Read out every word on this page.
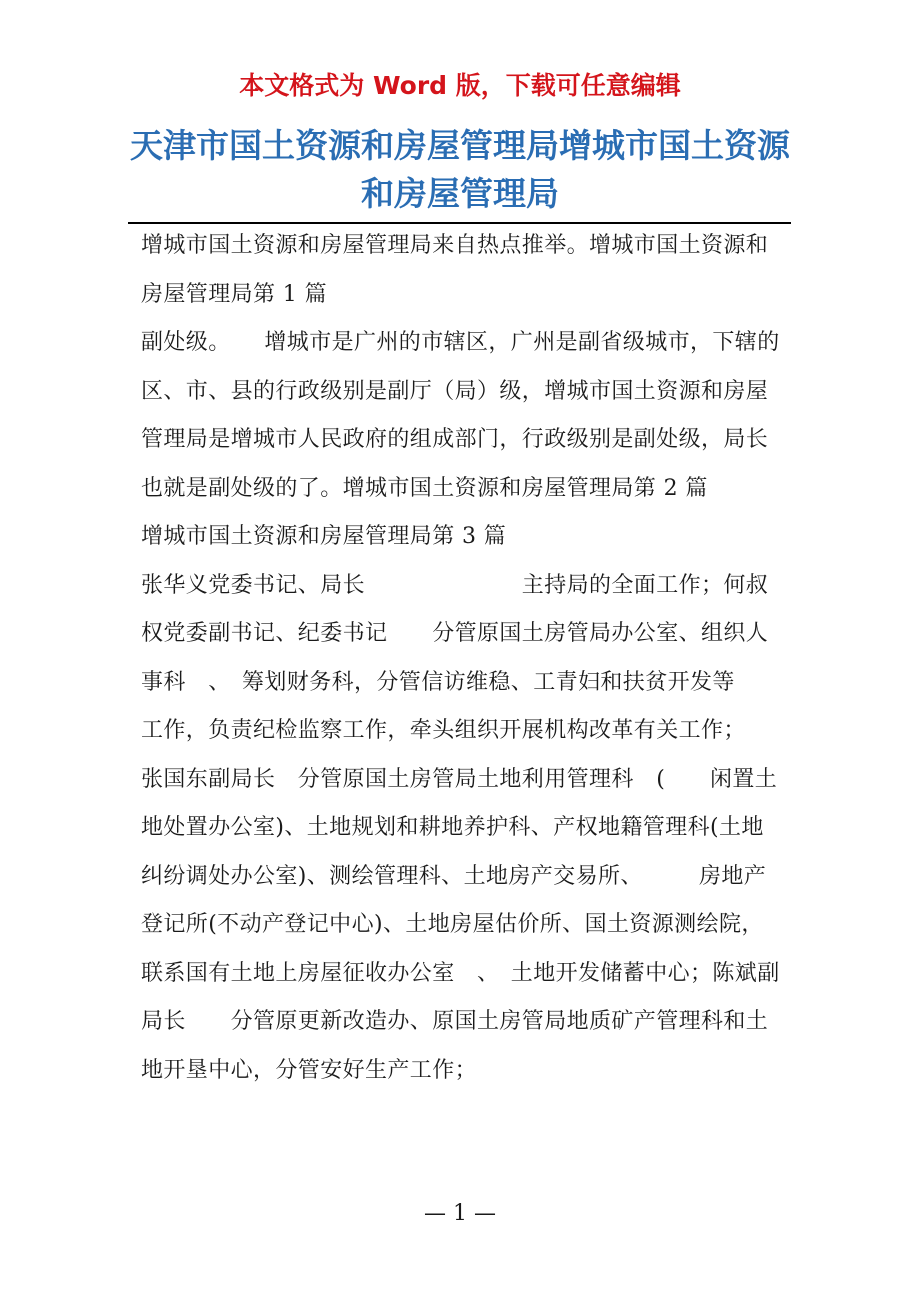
本文格式为 Word 版，下载可任意编辑
天津市国土资源和房屋管理局增城市国土资源和房屋管理局

增城市国土资源和房屋管理局来自热点推举。增城市国土资源和房屋管理局第 1 篇

副处级。　　增城市是广州的市辖区，广州是副省级城市，下辖的区、市、县的行政级别是副厅（局）级，增城市国土资源和房屋管理局是增城市人民政府的组成部门，行政级别是副处级，局长也就是副处级的了。增城市国土资源和房屋管理局第 2 篇

增城市国土资源和房屋管理局第 3 篇

张华义党委书记、局长　　　　　　　主持局的全面工作；何叔权党委副书记、纪委书记　　分管原国土房管局办公室、组织人事科　、　筹划财务科，分管信访维稳、工青妇和扶贫开发等　　　工作，负责纪检监察工作，牵头组织开展机构改革有关工作；　　　　　　　　张国东副局长　分管原国土房管局土地利用管理科　(　　闲置土地处置办公室)、土地规划和耕地养护科、产权地籍管理科(土地纠纷调处办公室)、测绘管理科、土地房产交易所、　　　房地产登记所(不动产登记中心)、土地房屋估价所、国土资源测绘院，联系国有土地上房屋征收办公室　、　土地开发储蓄中心；陈斌副局长　　分管原更新改造办、原国土房管局地质矿产管理科和土地开垦中心，分管安好生产工作；

— 1 —
